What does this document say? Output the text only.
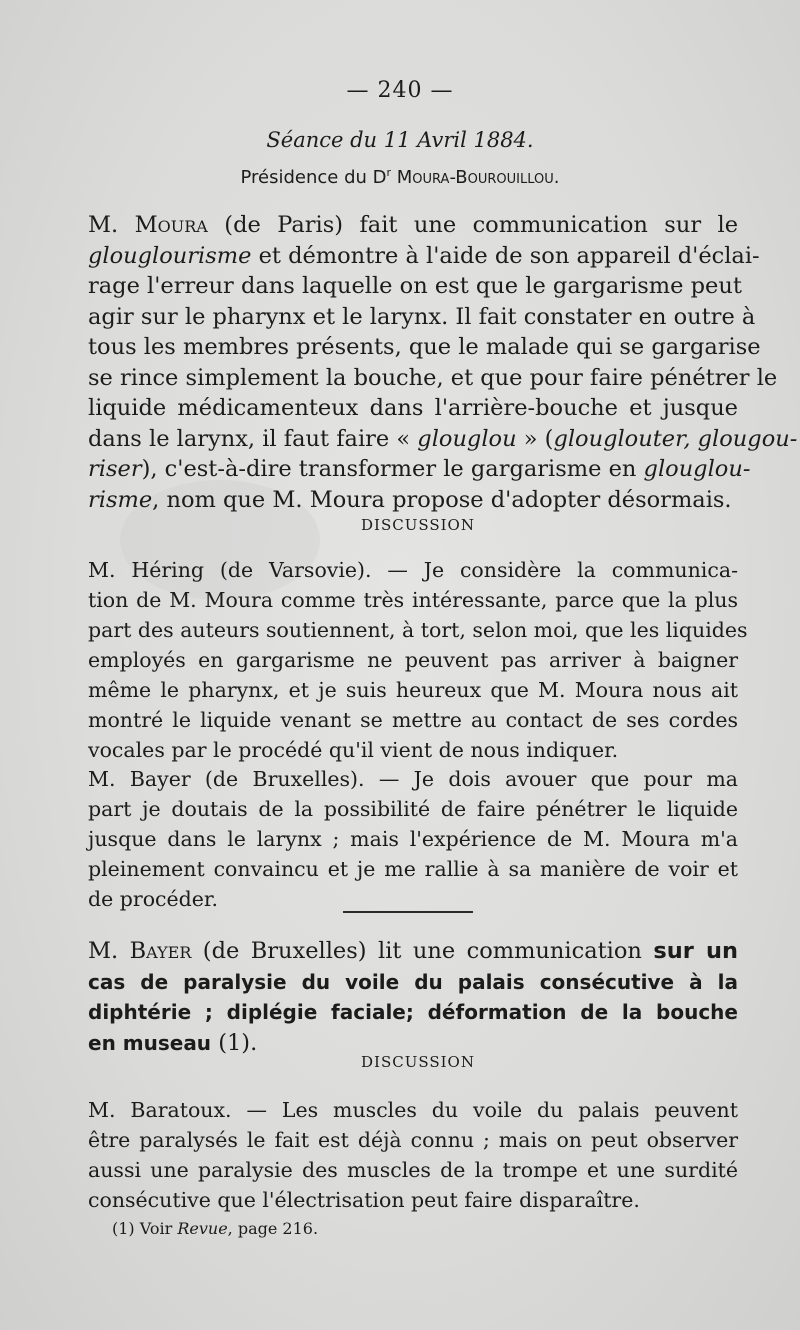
— 240 —
Séance du 11 Avril 1884.
Présidence du $D^r$ Moura-Bourouillou.
M. Moura (de Paris) fait une communication sur le
glouglourisme et démontre à l'aide de son appareil d'éclai-
rage l'erreur dans laquelle on est que le gargarisme peut
agir sur le pharynx et le larynx. Il fait constater en outre à
tous les membres présents, que le malade qui se gargarise
se rince simplement la bouche, et que pour faire pénétrer le
liquide médicamenteux dans l'arrière-bouche et jusque
dans le larynx, il faut faire « glouglou » (glouglouter, glougou-
riser), c'est-à-dire transformer le gargarisme en glouglou-
risme, nom que M. Moura propose d'adopter désormais.
DISCUSSION
M. Héring (de Varsovie). — Je considère la communica-
tion de M. Moura comme très intéressante, parce que la plus
part des auteurs soutiennent, à tort, selon moi, que les liquides
employés en gargarisme ne peuvent pas arriver à baigner
même le pharynx, et je suis heureux que M. Moura nous ait
montré le liquide venant se mettre au contact de ses cordes
vocales par le procédé qu'il vient de nous indiquer.
M. Bayer (de Bruxelles). — Je dois avouer que pour ma
part je doutais de la possibilité de faire pénétrer le liquide
jusque dans le larynx ; mais l'expérience de M. Moura m'a
pleinement convaincu et je me rallie à sa manière de voir et
de procéder.
M. Bayer (de Bruxelles) lit une communication sur un
cas de paralysie du voile du palais consécutive à la
diphtérie ; diplégie faciale; déformation de la bouche
en museau (1).
DISCUSSION
M. Baratoux. — Les muscles du voile du palais peuvent
être paralysés le fait est déjà connu ; mais on peut observer
aussi une paralysie des muscles de la trompe et une surdité
consécutive que l'électrisation peut faire disparaître.
(1) Voir Revue, page 216.
